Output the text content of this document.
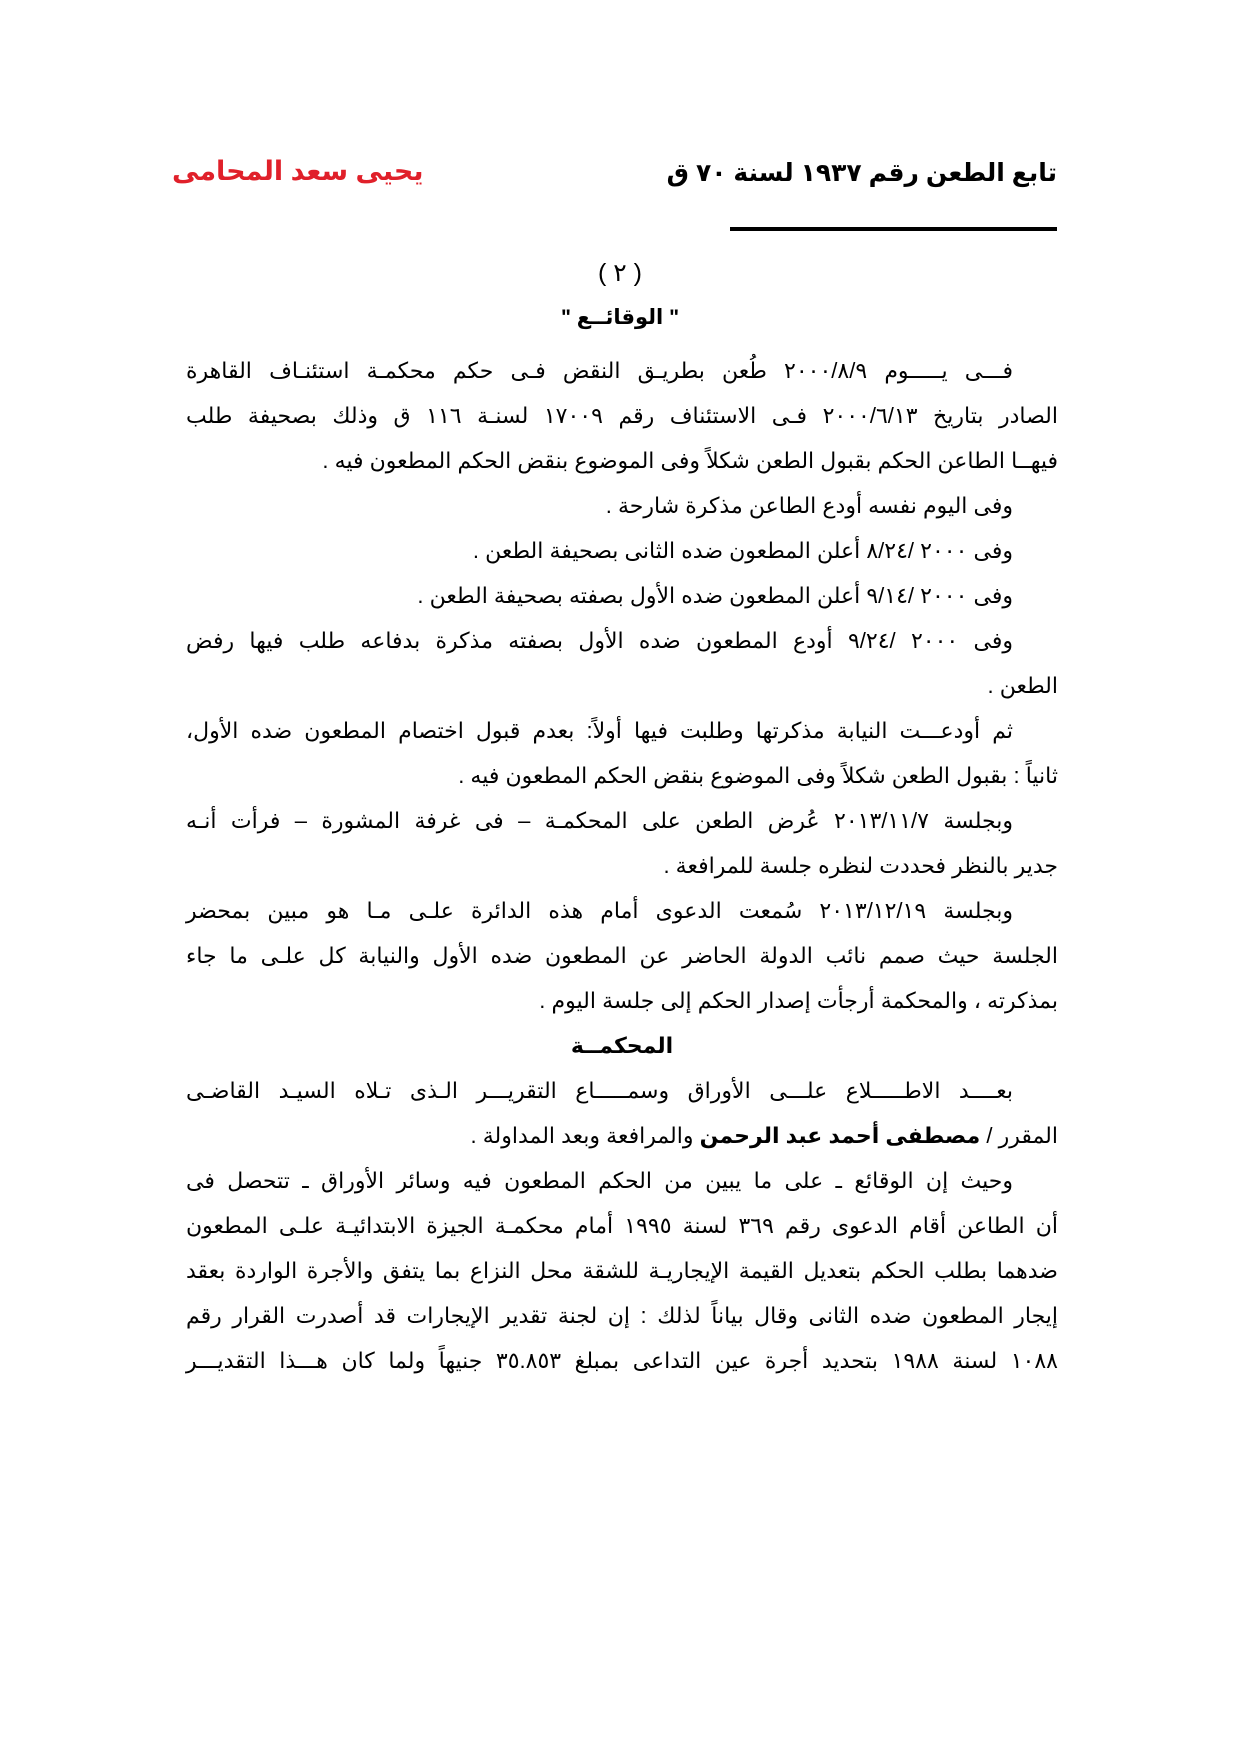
تابع الطعن رقم ١٩٣٧ لسنة ٧٠ ق
يحيى سعد المحامى
( ٢ )
" الوقائــع "
فـــى يـــــوم ٢٠٠٠/٨/٩ طُعن بطريـق النقض فـى حكم محكمـة استئنـاف القاهرة
الصادر بتاريخ ٢٠٠٠/٦/١٣ فـى الاستئناف رقم ١٧٠٠٩ لسنـة ١١٦ ق وذلك بصحيفة طلب
فيهــا الطاعن الحكم بقبول الطعن شكلاً وفى الموضوع بنقض الحكم المطعون فيه .
وفى اليوم نفسه أودع الطاعن مذكرة شارحة .
وفى ٢٠٠٠ /٨/٢٤ أعلن المطعون ضده الثانى بصحيفة الطعن .
وفى ٢٠٠٠ /٩/١٤ أعلن المطعون ضده الأول بصفته بصحيفة الطعن .
وفى ٢٠٠٠ /٩/٢٤ أودع المطعون ضده الأول بصفته مذكرة بدفاعه طلب فيها رفض
الطعن .
ثم أودعـــت النيابة مذكرتها وطلبت فيها أولاً: بعدم قبول اختصام المطعون ضده الأول،
ثانياً : بقبول الطعن شكلاً وفى الموضوع بنقض الحكم المطعون فيه .
وبجلسة ٢٠١٣/١١/٧ عُرض الطعن على المحكمـة – فى غرفة المشورة – فرأت أنـه
جدير بالنظر فحددت لنظره جلسة للمرافعة .
وبجلسة ٢٠١٣/١٢/١٩ سُمعت الدعوى أمام هذه الدائرة علـى مـا هو مبين بمحضر
الجلسة حيث صمم نائب الدولة الحاضر عن المطعون ضده الأول والنيابة كل علـى ما جاء
بمذكرته ، والمحكمة أرجأت إصدار الحكم إلى جلسة اليوم .
المحكمــة
بعــــد الاطـــــلاع علـــى الأوراق وسمـــــاع التقريـــر الـذى تـلاه السيـد القاضـى
المقرر / مصطفى أحمد عبد الرحمن والمرافعة وبعد المداولة .
وحيث إن الوقائع ـ على ما يبين من الحكم المطعون فيه وسائر الأوراق ـ تتحصل فى
أن الطاعن أقام الدعوى رقم ٣٦٩ لسنة ١٩٩٥ أمام محكمـة الجيزة الابتدائيـة علـى المطعون
ضدهما بطلب الحكم بتعديل القيمة الإيجاريـة للشقة محل النزاع بما يتفق والأجرة الواردة بعقد
إيجار المطعون ضده الثانى وقال بياناً لذلك : إن لجنة تقدير الإيجارات قد أصدرت القرار رقم
١٠٨٨ لسنة ١٩٨٨ بتحديد أجرة عين التداعى بمبلغ ٣٥.٨٥٣ جنيهاً ولما كان هـــذا التقديـــر
